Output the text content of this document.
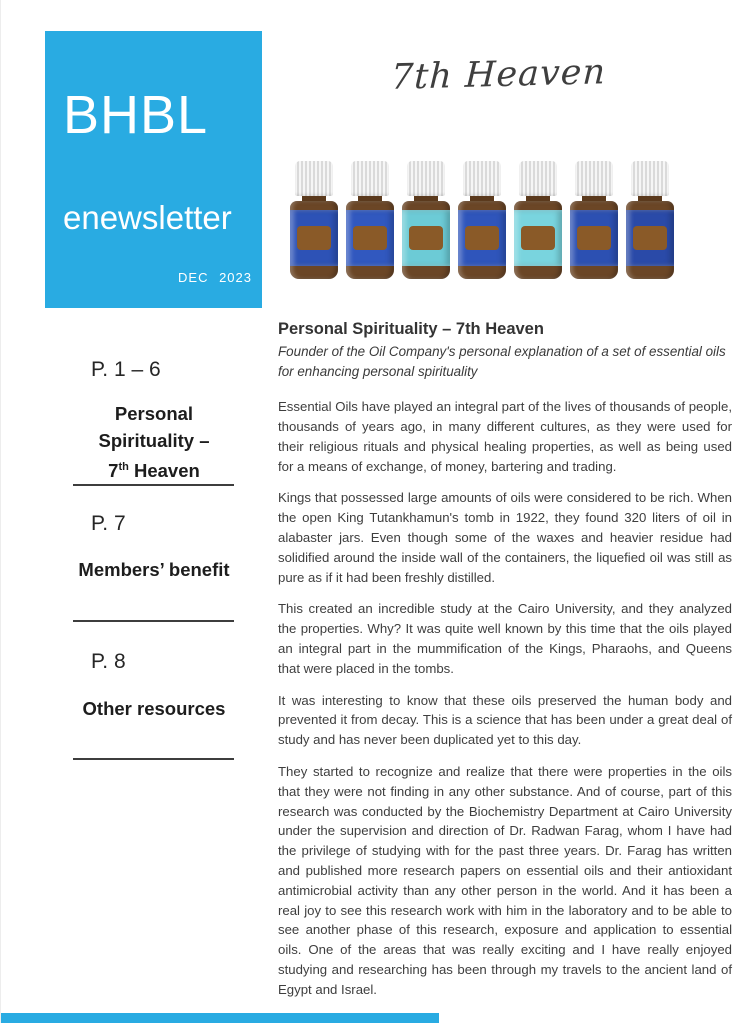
BHBL
enewsletter
DEC 2023
7th Heaven
P. 1 – 6
Personal Spirituality –
7th Heaven
P. 7
Members’ benefit
P. 8
Other resources
Personal Spirituality – 7th Heaven
Founder of the Oil Company's personal explanation of a set of essential oils for enhancing personal spirituality

Essential Oils have played an integral part of the lives of thousands of people, thousands of years ago, in many different cultures, as they were used for their religious rituals and physical healing properties, as well as being used for a means of exchange, of money, bartering and trading.

Kings that possessed large amounts of oils were considered to be rich. When the open King Tutankhamun's tomb in 1922, they found 320 liters of oil in alabaster jars. Even though some of the waxes and heavier residue had solidified around the inside wall of the containers, the liquefied oil was still as pure as if it had been freshly distilled.

This created an incredible study at the Cairo University, and they analyzed the properties. Why? It was quite well known by this time that the oils played an integral part in the mummification of the Kings, Pharaohs, and Queens that were placed in the tombs.

It was interesting to know that these oils preserved the human body and prevented it from decay. This is a science that has been under a great deal of study and has never been duplicated yet to this day.

They started to recognize and realize that there were properties in the oils that they were not finding in any other substance. And of course, part of this research was conducted by the Biochemistry Department at Cairo University under the supervision and direction of Dr. Radwan Farag, whom I have had the privilege of studying with for the past three years. Dr. Farag has written and published more research papers on essential oils and their antioxidant antimicrobial activity than any other person in the world. And it has been a real joy to see this research work with him in the laboratory and to be able to see another phase of this research, exposure and application to essential oils. One of the areas that was really exciting and I have really enjoyed studying and researching has been through my travels to the ancient land of Egypt and Israel.
